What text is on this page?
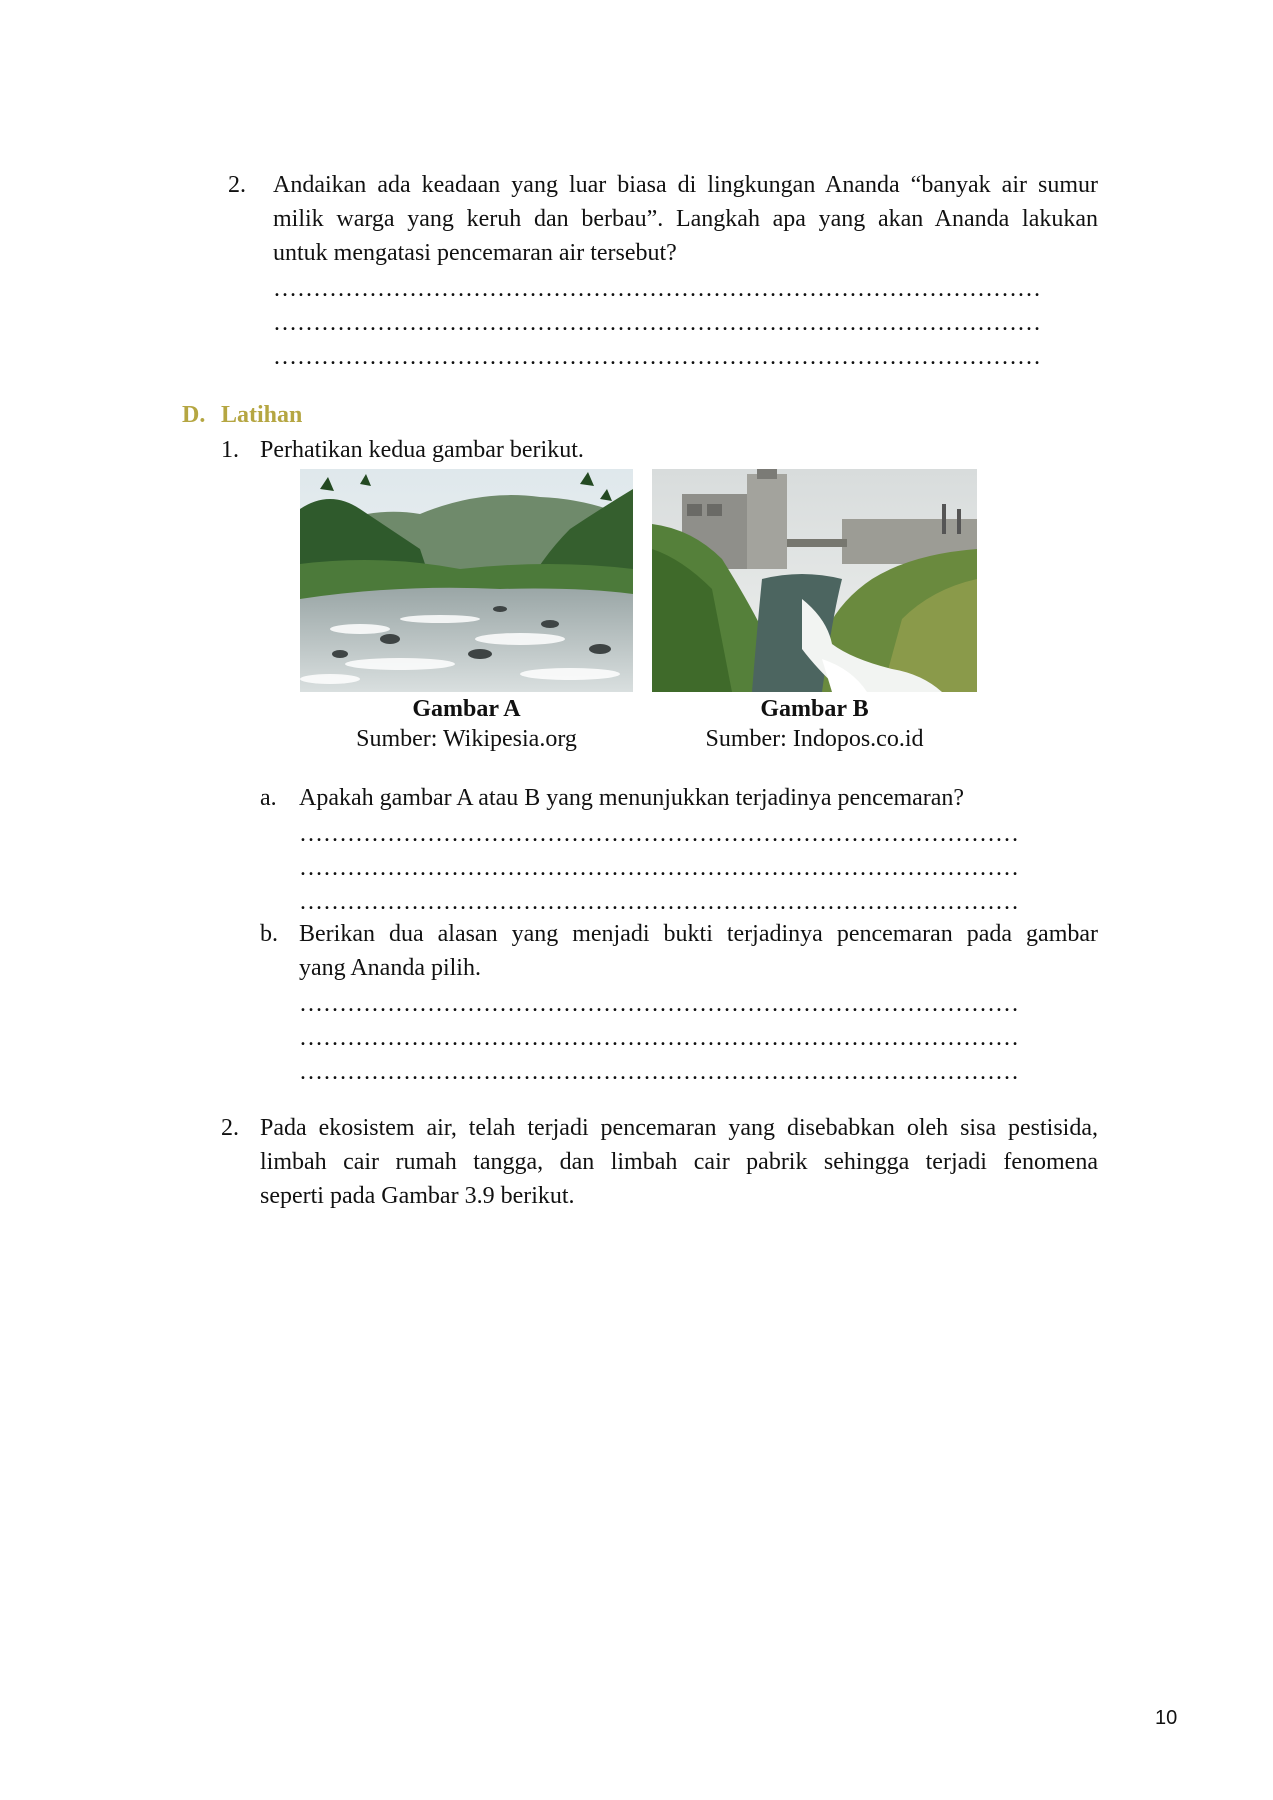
2. Andaikan ada keadaan yang luar biasa di lingkungan Ananda “banyak air sumur
milik warga yang keruh dan berbau”. Langkah apa yang akan Ananda lakukan
untuk mengatasi pencemaran air tersebut?
……………………………………………………………………………………
……………………………………………………………………………………
……………………………………………………………………………………
D. Latihan
1. Perhatikan kedua gambar berikut.
Gambar A
Sumber: Wikipesia.org
Gambar B
Sumber: Indopos.co.id
a. Apakah gambar A atau B yang menunjukkan terjadinya pencemaran?
………………………………………………………………………………
………………………………………………………………………………
………………………………………………………………………………
b. Berikan dua alasan yang menjadi bukti terjadinya pencemaran pada gambar
yang Ananda pilih.
………………………………………………………………………………
………………………………………………………………………………
………………………………………………………………………………
2. Pada ekosistem air, telah terjadi pencemaran yang disebabkan oleh sisa pestisida,
limbah cair rumah tangga, dan limbah cair pabrik sehingga terjadi fenomena
seperti pada Gambar 3.9 berikut.
10
